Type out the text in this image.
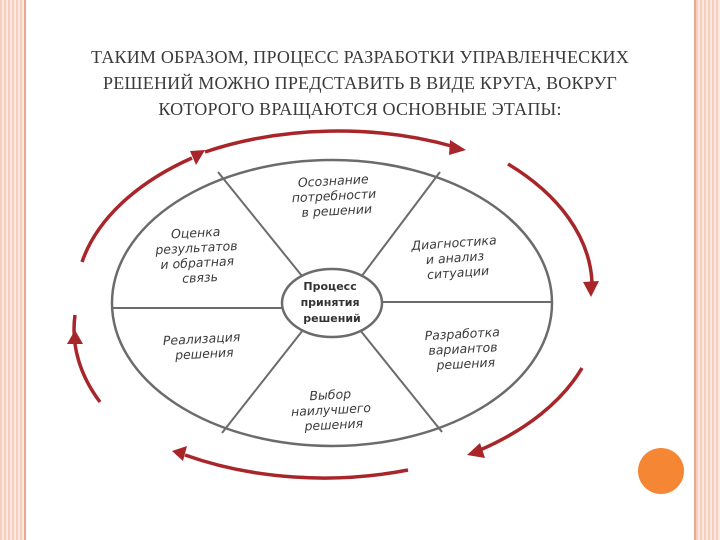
ТАКИМ ОБРАЗОМ, ПРОЦЕСС РАЗРАБОТКИ УПРАВЛЕНЧЕСКИХ
РЕШЕНИЙ МОЖНО ПРЕДСТАВИТЬ В ВИДЕ КРУГА, ВОКРУГ
КОТОРОГО ВРАЩАЮТСЯ ОСНОВНЫЕ ЭТАПЫ:
Процесс принятия решений
Осознание потребности в решении
Диагностика и анализ ситуации
Разработка вариантов решения
Выбор наилучшего решения
Реализация решения
Оценка результатов и обратная связь
